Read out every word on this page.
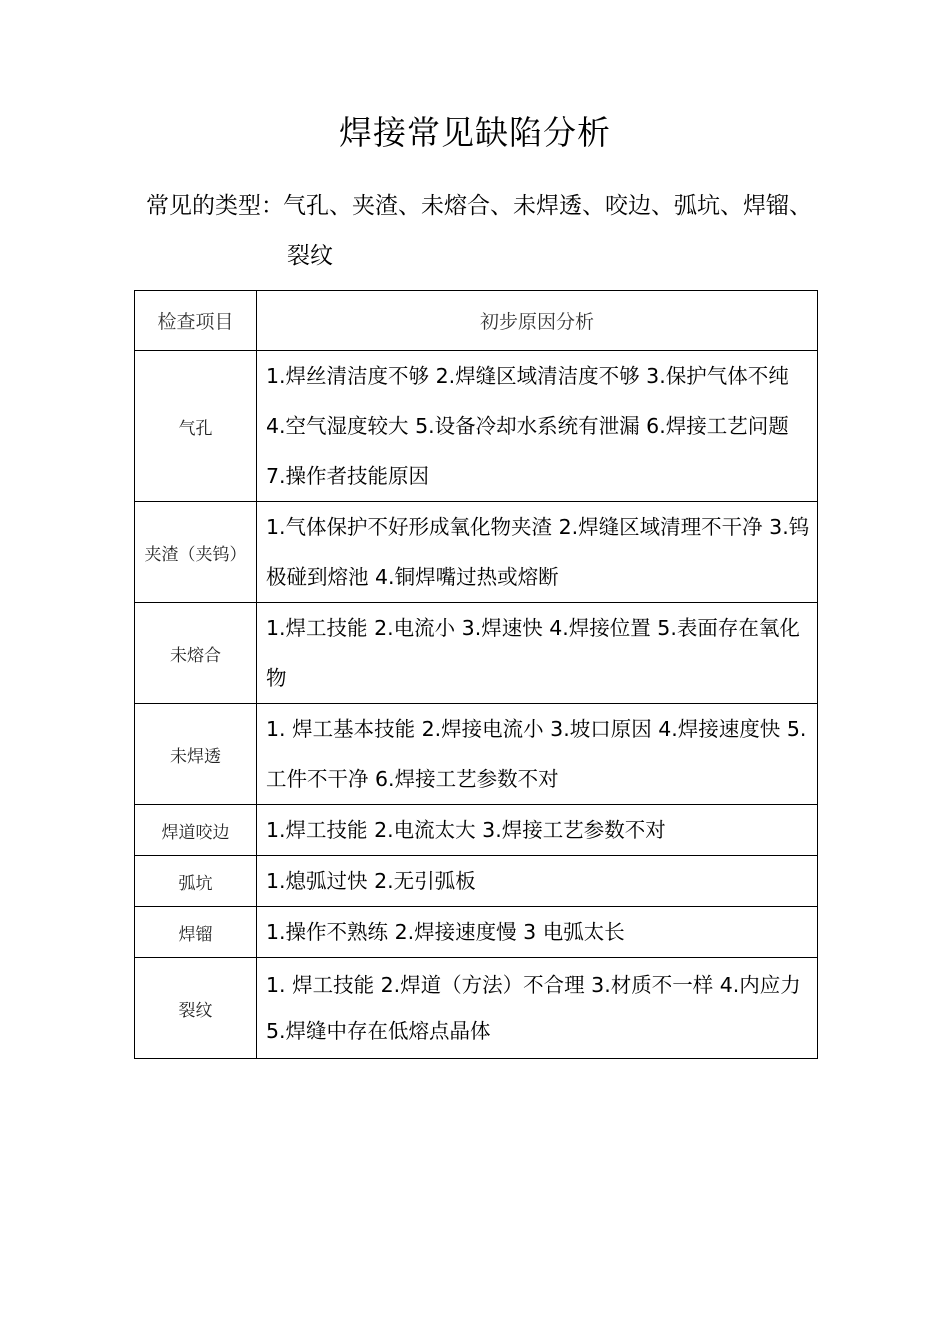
焊接常见缺陷分析
常见的类型： 气孔、夹渣、未熔合、未焊透、咬边、弧坑、焊镏、
裂纹
检查项目	初步原因分析
气孔	1.焊丝清洁度不够 2.焊缝区域清洁度不够 3.保护气体不纯 4.空气湿度较大 5.设备冷却水系统有泄漏 6.焊接工艺问题 7.操作者技能原因
夹渣（夹钨）	1.气体保护不好形成氧化物夹渣 2.焊缝区域清理不干净 3.钨极碰到熔池 4.铜焊嘴过热或熔断
未熔合	1.焊工技能 2.电流小 3.焊速快 4.焊接位置 5.表面存在氧化物
未焊透	1. 焊工基本技能 2.焊接电流小 3.坡口原因 4.焊接速度快 5.工件不干净 6.焊接工艺参数不对
焊道咬边	1.焊工技能 2.电流太大 3.焊接工艺参数不对
弧坑	1.熄弧过快 2.无引弧板
焊镏	1.操作不熟练 2.焊接速度慢 3 电弧太长
裂纹	1. 焊工技能 2.焊道（方法）不合理 3.材质不一样 4.内应力 5.焊缝中存在低熔点晶体
